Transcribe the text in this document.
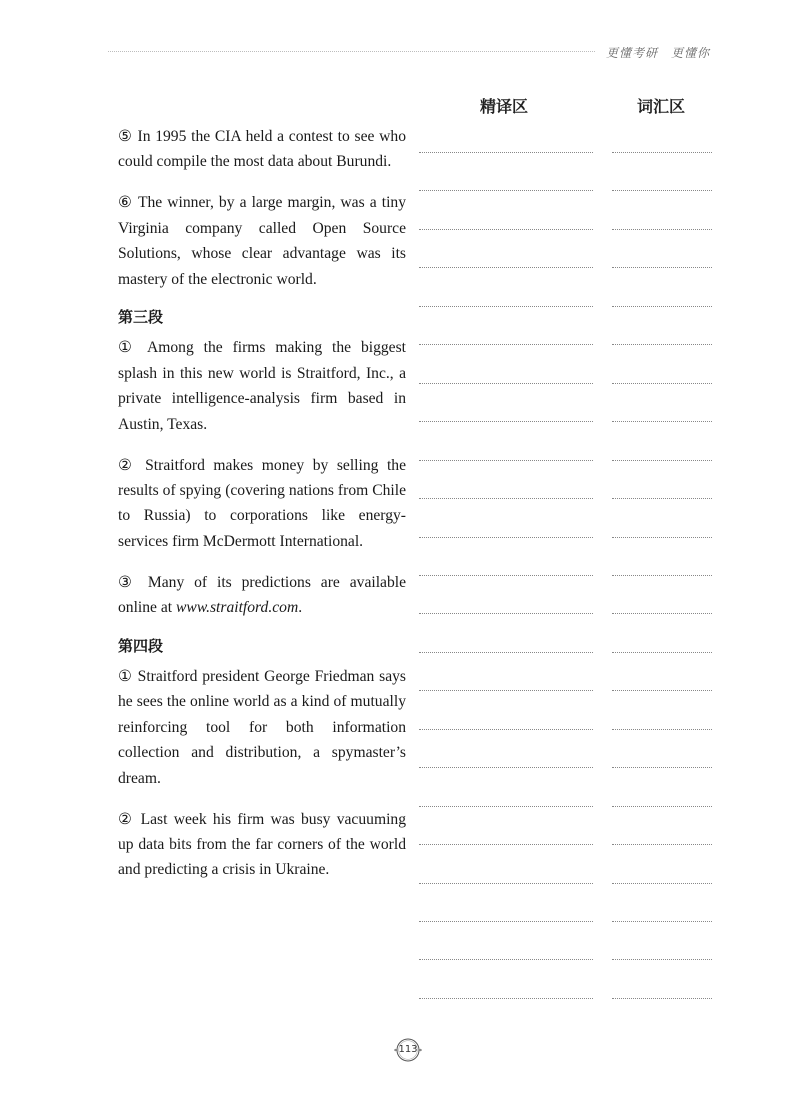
更懂考研　更懂你
精译区	词汇区

⑤ In 1995 the CIA held a contest to see who could compile the most data about Burundi.

⑥ The winner, by a large margin, was a tiny Virginia company called Open Source Solutions, whose clear advantage was its mastery of the electronic world.

第三段

① Among the firms making the biggest splash in this new world is Straitford, Inc., a private intelligence-analysis firm based in Austin, Texas.

② Straitford makes money by selling the results of spying (covering nations from Chile to Russia) to corporations like energy-services firm McDermott International.

③ Many of its predictions are available online at www.straitford.com.

第四段

① Straitford president George Friedman says he sees the online world as a kind of mutually reinforcing tool for both information collection and distribution, a spymaster’s dream.

② Last week his firm was busy vacuuming up data bits from the far corners of the world and predicting a crisis in Ukraine.

113
